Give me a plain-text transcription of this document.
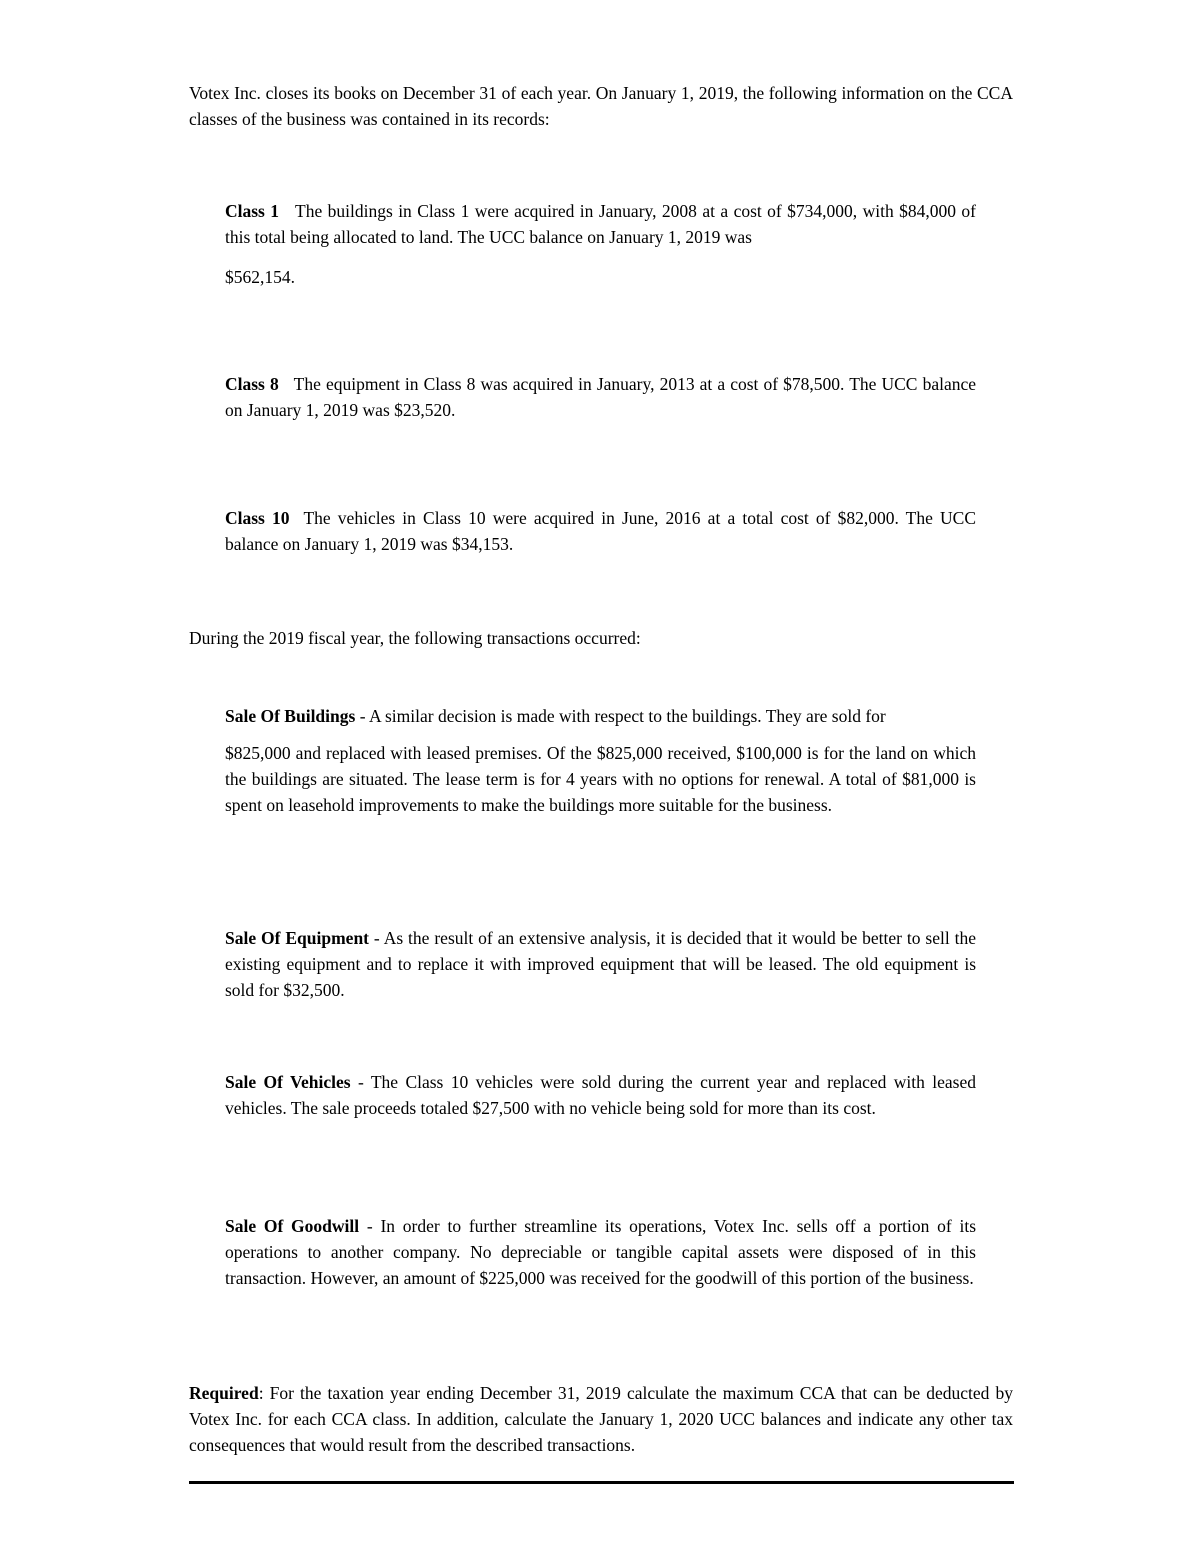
Votex Inc. closes its books on December 31 of each year. On January 1, 2019, the following information on the CCA classes of the business was contained in its records:

Class 1 The buildings in Class 1 were acquired in January, 2008 at a cost of $734,000, with $84,000 of this total being allocated to land. The UCC balance on January 1, 2019 was

$562,154.

Class 8 The equipment in Class 8 was acquired in January, 2013 at a cost of $78,500. The UCC balance on January 1, 2019 was $23,520.

Class 10 The vehicles in Class 10 were acquired in June, 2016 at a total cost of $82,000. The UCC balance on January 1, 2019 was $34,153.

During the 2019 fiscal year, the following transactions occurred:

Sale Of Buildings - A similar decision is made with respect to the buildings. They are sold for

$825,000 and replaced with leased premises. Of the $825,000 received, $100,000 is for the land on which the buildings are situated. The lease term is for 4 years with no options for renewal. A total of $81,000 is spent on leasehold improvements to make the buildings more suitable for the business.

Sale Of Equipment - As the result of an extensive analysis, it is decided that it would be better to sell the existing equipment and to replace it with improved equipment that will be leased. The old equipment is sold for $32,500.

Sale Of Vehicles - The Class 10 vehicles were sold during the current year and replaced with leased vehicles. The sale proceeds totaled $27,500 with no vehicle being sold for more than its cost.

Sale Of Goodwill - In order to further streamline its operations, Votex Inc. sells off a portion of its operations to another company. No depreciable or tangible capital assets were disposed of in this transaction. However, an amount of $225,000 was received for the goodwill of this portion of the business.

Required: For the taxation year ending December 31, 2019 calculate the maximum CCA that can be deducted by Votex Inc. for each CCA class. In addition, calculate the January 1, 2020 UCC balances and indicate any other tax consequences that would result from the described transactions.
